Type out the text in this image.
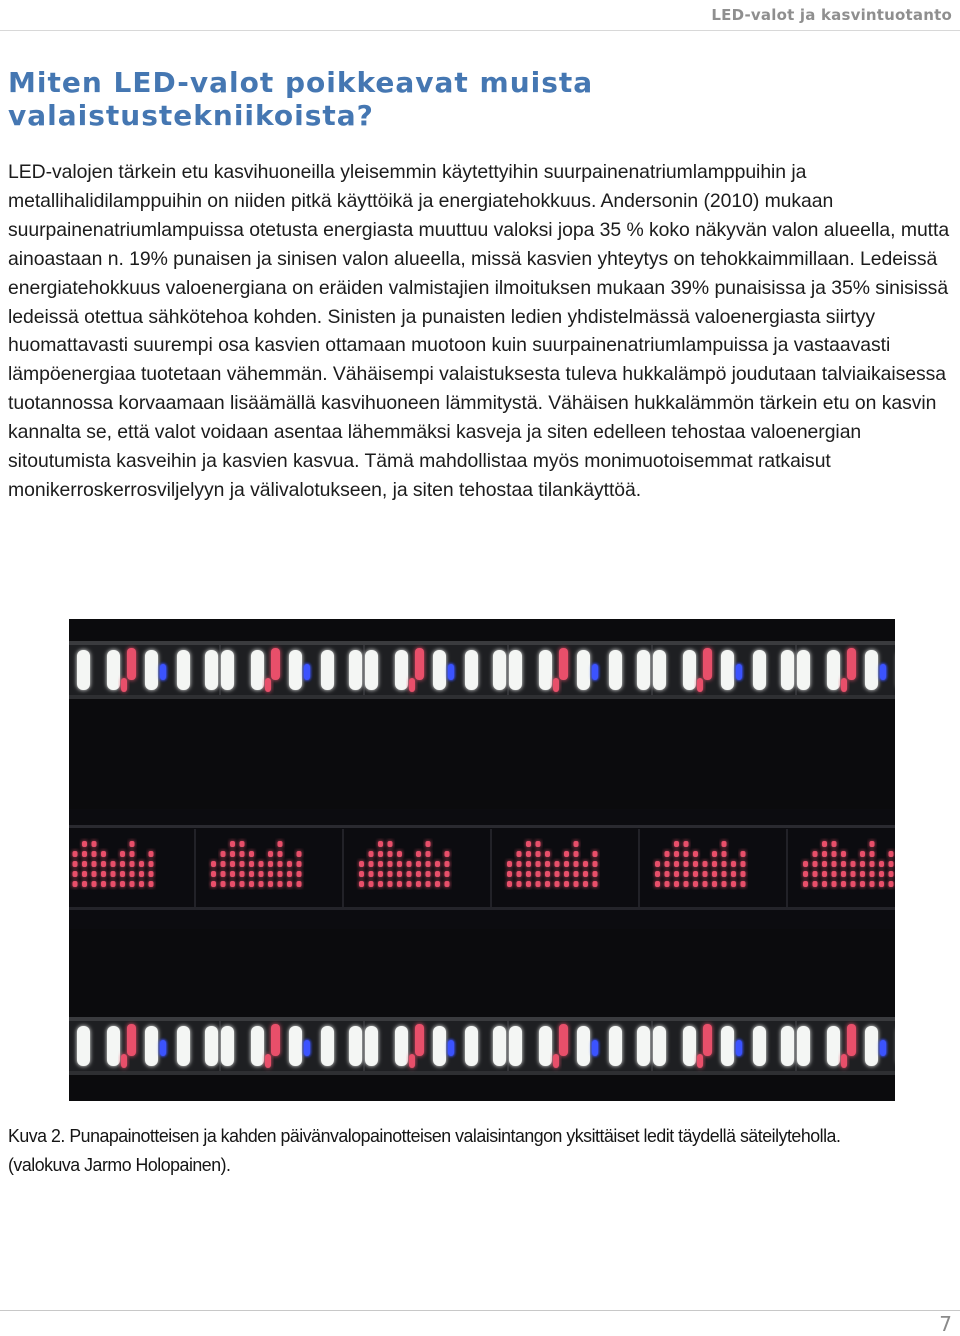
LED-valot ja kasvintuotanto
Miten LED-valot poikkeavat muista valaistustekniikoista?

LED-valojen tärkein etu kasvihuoneilla yleisemmin käytettyihin suurpainenatriumlamppuihin ja metallihalidilamppuihin on niiden pitkä käyttöikä ja energiatehokkuus. Andersonin (2010) mukaan suurpainenatriumlampuissa otetusta energiasta muuttuu valoksi jopa 35 % koko näkyvän valon alueella, mutta ainoastaan n. 19% punaisen ja sinisen valon alueella, missä kasvien yhteytys on tehokkaimmillaan. Ledeissä energiatehokkuus valoenergiana on eräiden valmistajien ilmoituksen mukaan 39% punaisissa ja 35% sinisissä ledeissä otettua sähkötehoa kohden. Sinisten ja punaisten ledien yhdistelmässä valoenergiasta siirtyy huomattavasti suurempi osa kasvien ottamaan muotoon kuin suurpainenatriumlampuissa ja vastaavasti lämpöenergiaa tuotetaan vähemmän. Vähäisempi valaistuksesta tuleva hukkalämpö joudutaan talviaikaisessa tuotannossa korvaamaan lisäämällä kasvihuoneen lämmitystä. Vähäisen hukkalämmön tärkein etu on kasvin kannalta se, että valot voidaan asentaa lähemmäksi kasveja ja siten edelleen tehostaa valoenergian sitoutumista kasveihin ja kasvien kasvua. Tämä mahdollistaa myös monimuotoisemmat ratkaisut monikerroskerrosviljelyyn ja välivalotukseen, ja siten tehostaa tilankäyttöä.

Kuva 2. Punapainotteisen ja kahden päivänvalopainotteisen valaisintangon yksittäiset ledit täydellä säteilyteholla.
(valokuva Jarmo Holopainen).
7
